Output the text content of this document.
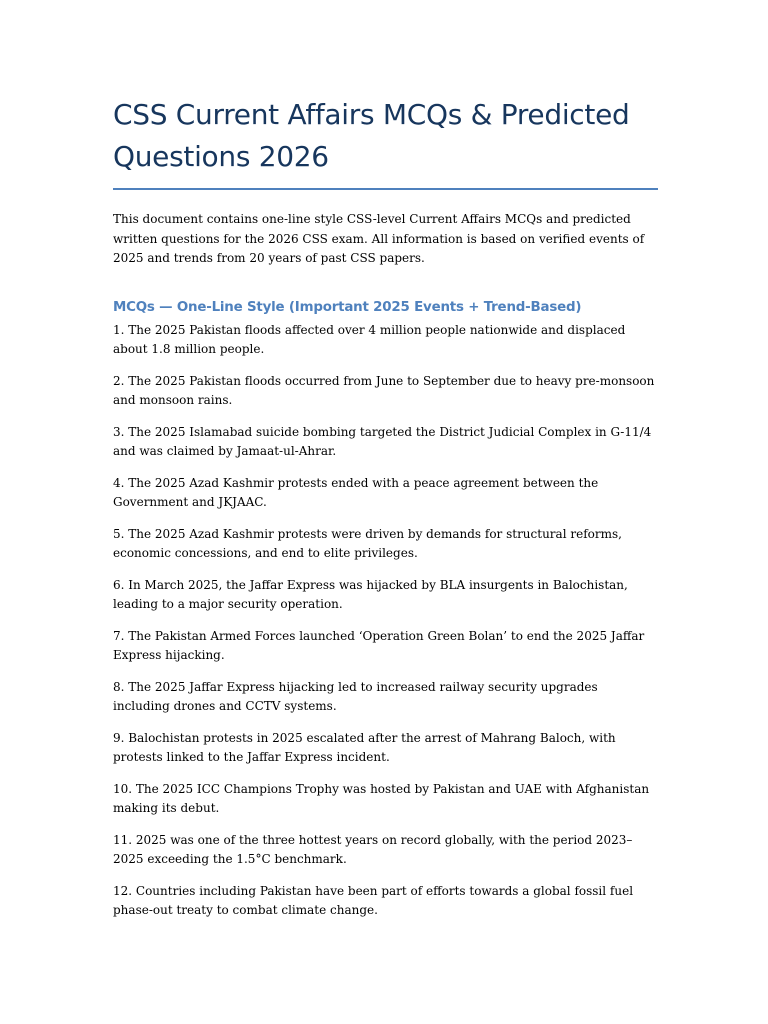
CSS Current Affairs MCQs & Predicted Questions 2026

This document contains one-line style CSS-level Current Affairs MCQs and predicted written questions for the 2026 CSS exam. All information is based on verified events of 2025 and trends from 20 years of past CSS papers.

MCQs — One-Line Style (Important 2025 Events + Trend-Based)
1. The 2025 Pakistan floods affected over 4 million people nationwide and displaced about 1.8 million people.
2. The 2025 Pakistan floods occurred from June to September due to heavy pre-monsoon and monsoon rains.
3. The 2025 Islamabad suicide bombing targeted the District Judicial Complex in G-11/4 and was claimed by Jamaat-ul-Ahrar.
4. The 2025 Azad Kashmir protests ended with a peace agreement between the Government and JKJAAC.
5. The 2025 Azad Kashmir protests were driven by demands for structural reforms, economic concessions, and end to elite privileges.
6. In March 2025, the Jaffar Express was hijacked by BLA insurgents in Balochistan, leading to a major security operation.
7. The Pakistan Armed Forces launched ‘Operation Green Bolan’ to end the 2025 Jaffar Express hijacking.
8. The 2025 Jaffar Express hijacking led to increased railway security upgrades including drones and CCTV systems.
9. Balochistan protests in 2025 escalated after the arrest of Mahrang Baloch, with protests linked to the Jaffar Express incident.
10. The 2025 ICC Champions Trophy was hosted by Pakistan and UAE with Afghanistan making its debut.
11. 2025 was one of the three hottest years on record globally, with the period 2023–2025 exceeding the 1.5°C benchmark.
12. Countries including Pakistan have been part of efforts towards a global fossil fuel phase-out treaty to combat climate change.
